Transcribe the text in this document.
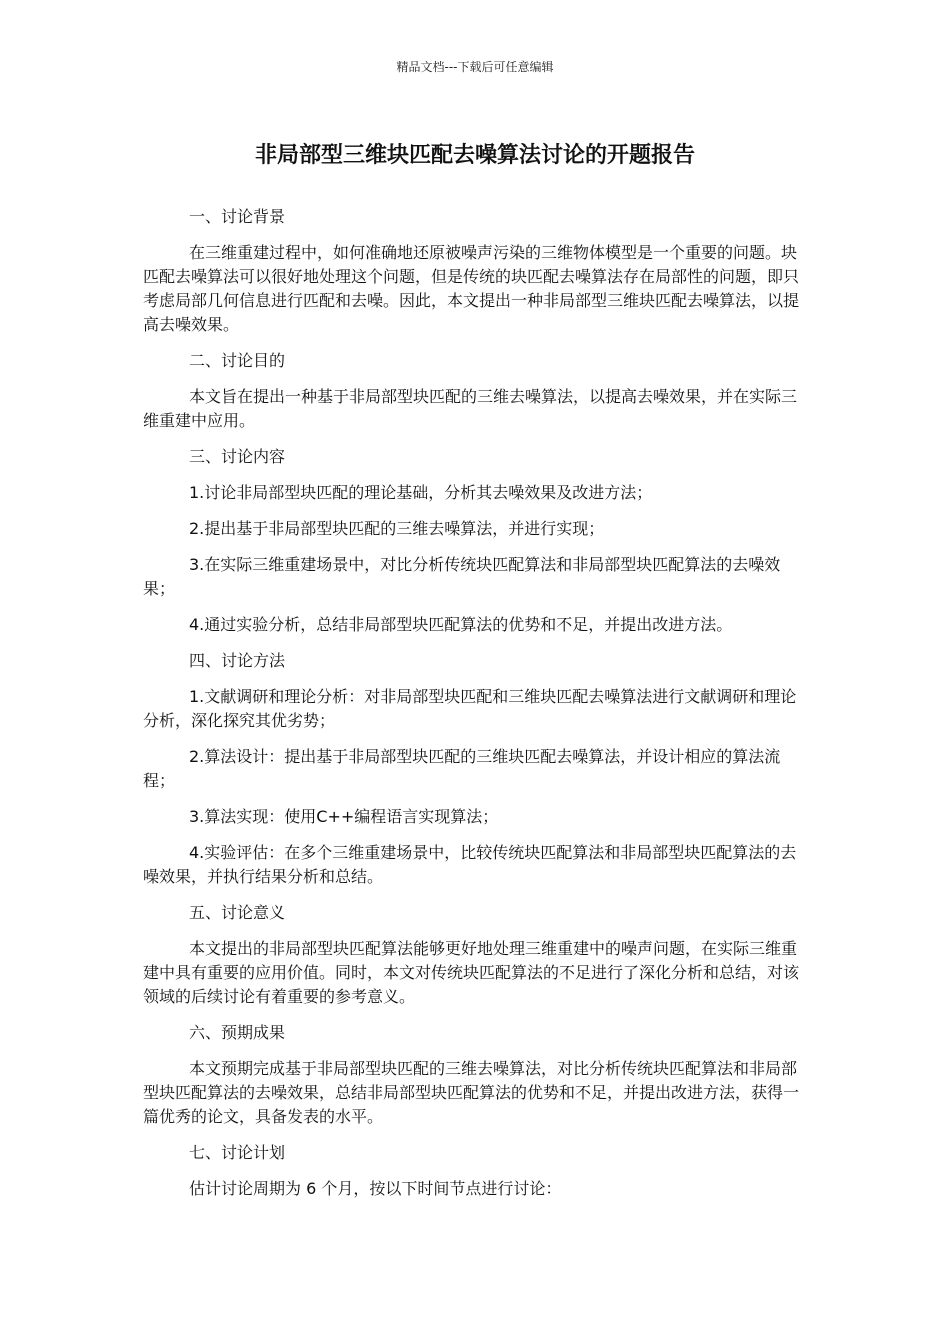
精品文档---下载后可任意编辑
非局部型三维块匹配去噪算法讨论的开题报告

一、讨论背景

在三维重建过程中，如何准确地还原被噪声污染的三维物体模型是一个重要的问题。块匹配去噪算法可以很好地处理这个问题，但是传统的块匹配去噪算法存在局部性的问题，即只考虑局部几何信息进行匹配和去噪。因此，本文提出一种非局部型三维块匹配去噪算法，以提高去噪效果。

二、讨论目的

本文旨在提出一种基于非局部型块匹配的三维去噪算法，以提高去噪效果，并在实际三维重建中应用。

三、讨论内容

1.讨论非局部型块匹配的理论基础，分析其去噪效果及改进方法；

2.提出基于非局部型块匹配的三维去噪算法，并进行实现；

3.在实际三维重建场景中，对比分析传统块匹配算法和非局部型块匹配算法的去噪效果；

4.通过实验分析，总结非局部型块匹配算法的优势和不足，并提出改进方法。

四、讨论方法

1.文献调研和理论分析：对非局部型块匹配和三维块匹配去噪算法进行文献调研和理论分析，深化探究其优劣势；

2.算法设计：提出基于非局部型块匹配的三维块匹配去噪算法，并设计相应的算法流程；

3.算法实现：使用C++编程语言实现算法；

4.实验评估：在多个三维重建场景中，比较传统块匹配算法和非局部型块匹配算法的去噪效果，并执行结果分析和总结。

五、讨论意义

本文提出的非局部型块匹配算法能够更好地处理三维重建中的噪声问题，在实际三维重建中具有重要的应用价值。同时，本文对传统块匹配算法的不足进行了深化分析和总结，对该领域的后续讨论有着重要的参考意义。

六、预期成果

本文预期完成基于非局部型块匹配的三维去噪算法，对比分析传统块匹配算法和非局部型块匹配算法的去噪效果，总结非局部型块匹配算法的优势和不足，并提出改进方法，获得一篇优秀的论文，具备发表的水平。

七、讨论计划

估计讨论周期为 6 个月，按以下时间节点进行讨论：
